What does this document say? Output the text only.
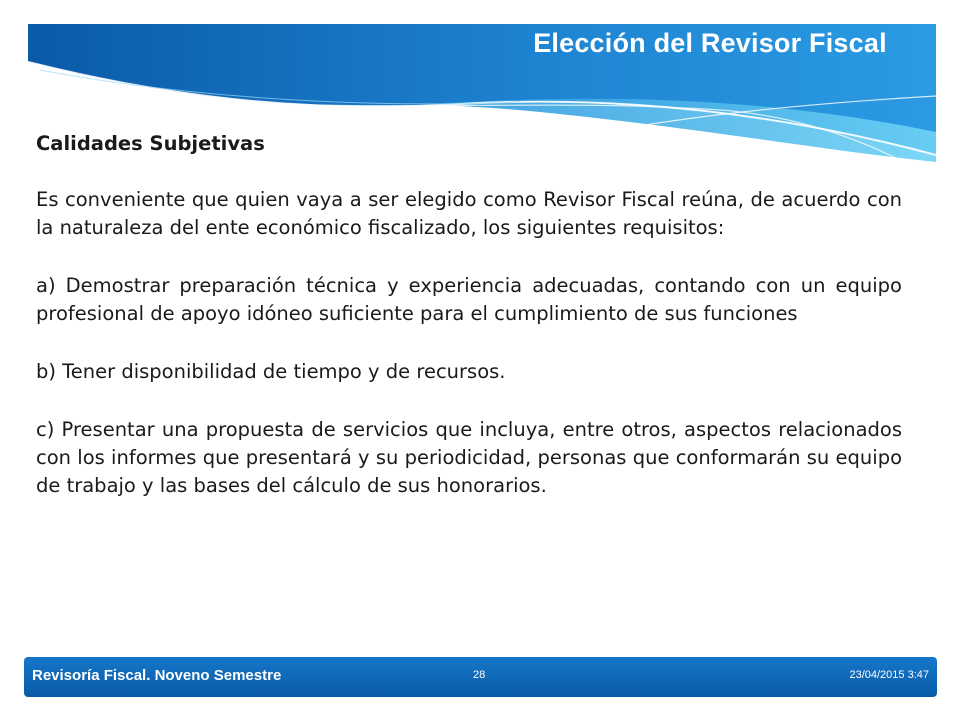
Elección del Revisor Fiscal
Calidades Subjetivas

Es conveniente que quien vaya a ser elegido como Revisor Fiscal reúna, de acuerdo con la naturaleza del ente económico fiscalizado, los siguientes requisitos:

a) Demostrar preparación técnica y experiencia adecuadas, contando con un equipo profesional de apoyo idóneo suficiente para el cumplimiento de sus funciones

b) Tener disponibilidad de tiempo y de recursos.

c) Presentar una propuesta de servicios que incluya, entre otros, aspectos relacionados con los informes que presentará y su periodicidad, personas que conformarán su equipo de trabajo y las bases del cálculo de sus honorarios.

Revisoría Fiscal. Noveno Semestre	28	23/04/2015 3:47
